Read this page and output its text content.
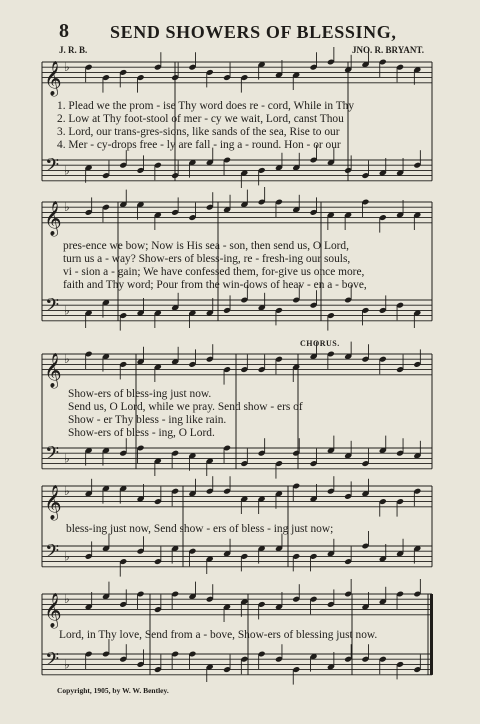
8 SEND SHOWERS OF BLESSING,
J. R. B.	JNO. R. BRYANT.
𝄞
𝄢
♭
♭
𝄞
𝄢
♭
♭
𝄞
𝄢
♭
♭
𝄞
𝄢
♭
♭
𝄞
𝄢
♭
♭
1. Plead we the prom - ise Thy word does re - cord, While in Thy
2. Low at Thy foot-stool of mer - cy we wait, Lord, canst Thou
3. Lord, our trans-gres-sions, like sands of the sea, Rise to our
4. Mer - cy-drops free - ly are fall - ing a - round. Hon - or our
pres-ence we bow; Now is His sea - son, then send us, O Lord,
turn us a - way? Show-ers of bless-ing, re - fresh-ing our souls,
vi - sion a - gain; We have confessed them, for-give us once more,
faith and Thy word; Pour from the win-dows of heav - en a - bove,
CHORUS.
Show-ers of bless-ing just now.
Send us, O Lord, while we pray. Send show - ers of
Show - er Thy bless - ing like rain.
Show-ers of bless - ing, O Lord.
bless-ing just now, Send show - ers of bless - ing just now;
Lord, in Thy love, Send from a - bove, Show-ers of blessing just now.
Copyright, 1905, by W. W. Bentley.
